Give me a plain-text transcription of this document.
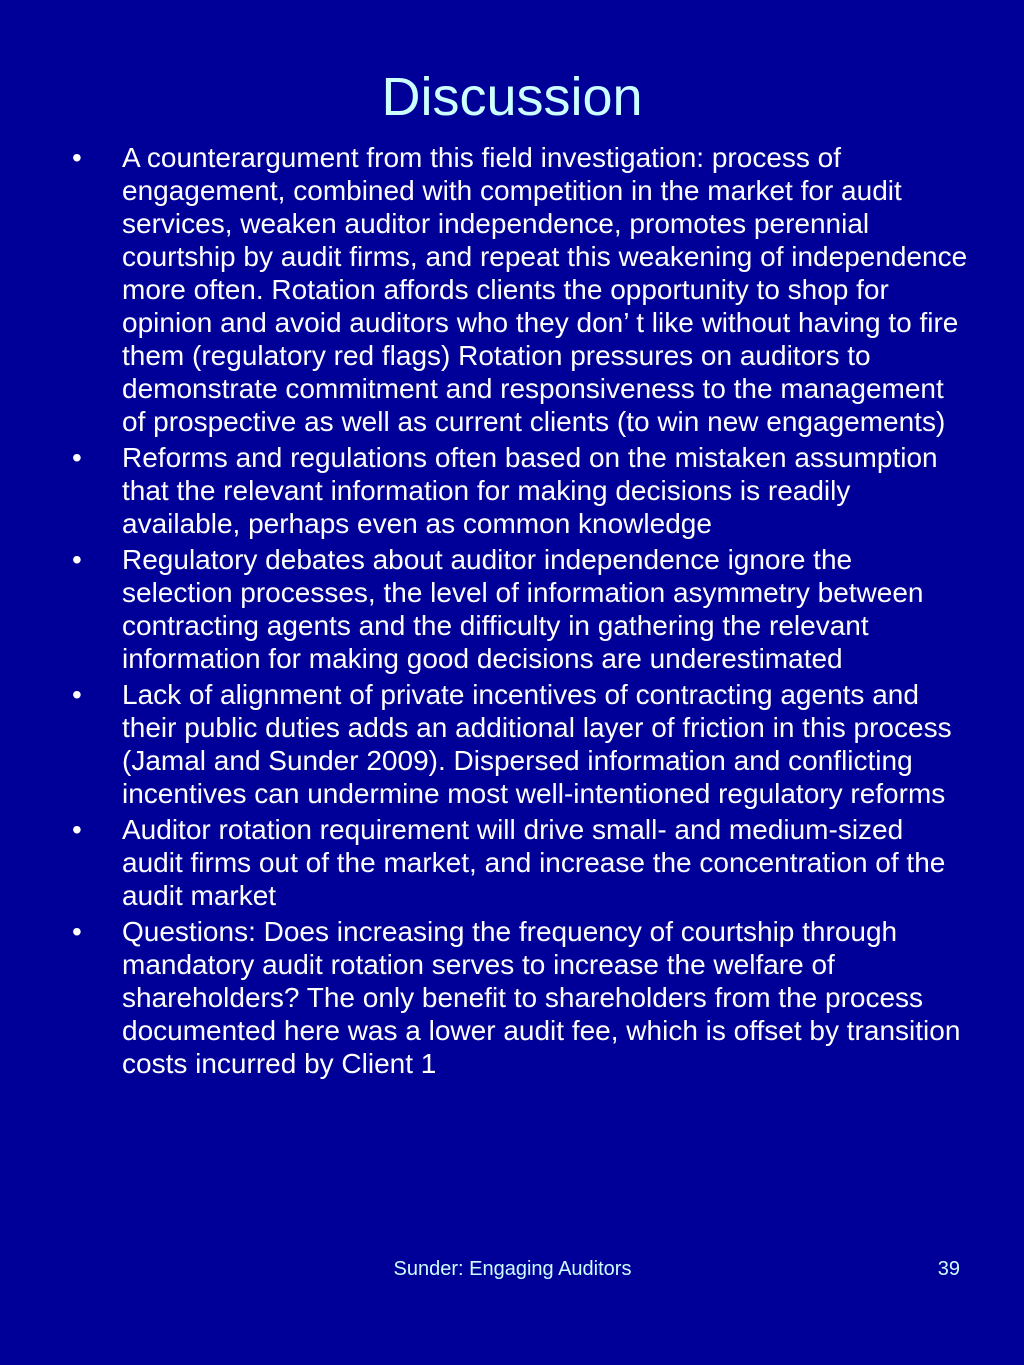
Discussion
• A counterargument from this field investigation: process of engagement, combined with competition in the market for audit services, weaken auditor independence, promotes perennial courtship by audit firms, and repeat this weakening of independence more often. Rotation affords clients the opportunity to shop for opinion and avoid auditors who they don’ t like without having to fire them (regulatory red flags) Rotation pressures on auditors to demonstrate commitment and responsiveness to the management of prospective as well as current clients (to win new engagements)
• Reforms and regulations often based on the mistaken assumption that the relevant information for making decisions is readily available, perhaps even as common knowledge
• Regulatory debates about auditor independence ignore the selection processes, the level of information asymmetry between contracting agents and the difficulty in gathering the relevant information for making good decisions are underestimated
• Lack of alignment of private incentives of contracting agents and their public duties adds an additional layer of friction in this process (Jamal and Sunder 2009). Dispersed information and conflicting incentives can undermine most well-intentioned regulatory reforms
• Auditor rotation requirement will drive small- and medium-sized audit firms out of the market, and increase the concentration of the audit market
• Questions: Does increasing the frequency of courtship through mandatory audit rotation serves to increase the welfare of shareholders? The only benefit to shareholders from the process documented here was a lower audit fee, which is offset by transition costs incurred by Client 1
Sunder: Engaging Auditors	39
